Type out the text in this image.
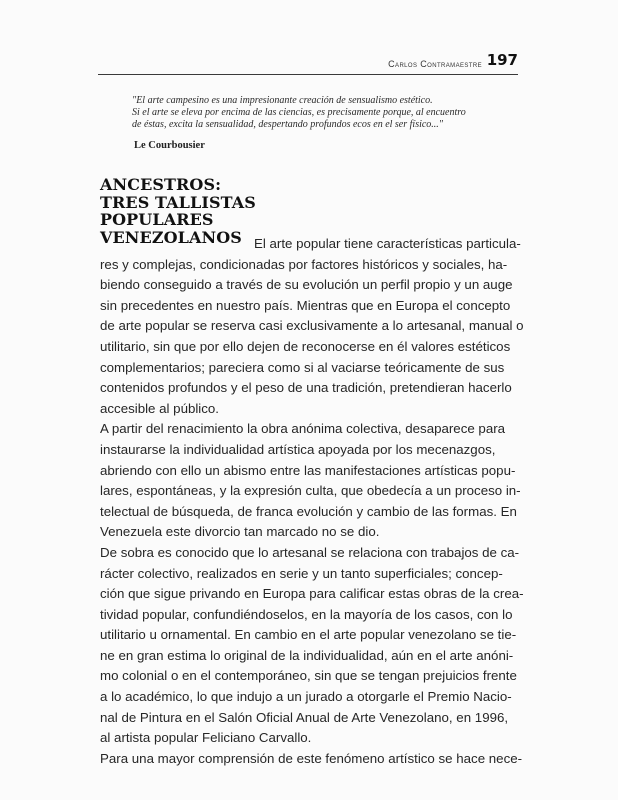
Carlos Contramaestre 197
"El arte campesino es una impresionante creación de sensualismo estético.
Si el arte se eleva por encima de las ciencias, es precisamente porque, al encuentro
de éstas, excita la sensualidad, despertando profundos ecos en el ser físico..."
Le Courbousier
ANCESTROS:
TRES TALLISTAS
POPULARES
VENEZOLANOS El arte popular tiene características particula-
res y complejas, condicionadas por factores históricos y sociales, ha-
biendo conseguido a través de su evolución un perfil propio y un auge
sin precedentes en nuestro país. Mientras que en Europa el concepto
de arte popular se reserva casi exclusivamente a lo artesanal, manual o
utilitario, sin que por ello dejen de reconocerse en él valores estéticos
complementarios; pareciera como si al vaciarse teóricamente de sus
contenidos profundos y el peso de una tradición, pretendieran hacerlo
accesible al público.
A partir del renacimiento la obra anónima colectiva, desaparece para
instaurarse la individualidad artística apoyada por los mecenazgos,
abriendo con ello un abismo entre las manifestaciones artísticas popu-
lares, espontáneas, y la expresión culta, que obedecía a un proceso in-
telectual de búsqueda, de franca evolución y cambio de las formas. En
Venezuela este divorcio tan marcado no se dio.
De sobra es conocido que lo artesanal se relaciona con trabajos de ca-
rácter colectivo, realizados en serie y un tanto superficiales; concep-
ción que sigue privando en Europa para calificar estas obras de la crea-
tividad popular, confundiéndoselos, en la mayoría de los casos, con lo
utilitario u ornamental. En cambio en el arte popular venezolano se tie-
ne en gran estima lo original de la individualidad, aún en el arte anóni-
mo colonial o en el contemporáneo, sin que se tengan prejuicios frente
a lo académico, lo que indujo a un jurado a otorgarle el Premio Nacio-
nal de Pintura en el Salón Oficial Anual de Arte Venezolano, en 1996,
al artista popular Feliciano Carvallo.
Para una mayor comprensión de este fenómeno artístico se hace nece-
